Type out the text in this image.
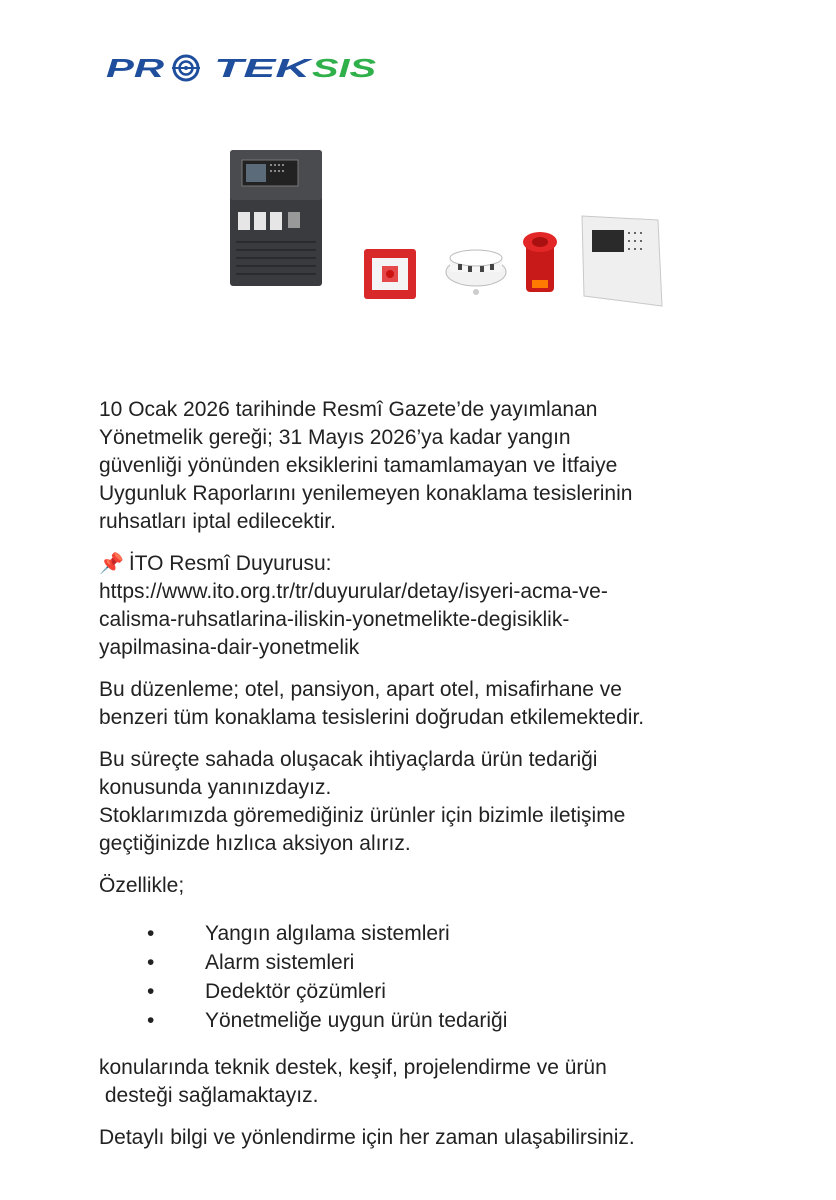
PR TEK
SIS

10 Ocak 2026 tarihinde Resmî Gazete’de yayımlanan
Yönetmelik gereği; 31 Mayıs 2026’ya kadar yangın
güvenliği yönünden eksiklerini tamamlamayan ve İtfaiye
Uygunluk Raporlarını yenilemeyen konaklama tesislerinin
ruhsatları iptal edilecektir.

📌 İTO Resmî Duyurusu:
https://www.ito.org.tr/tr/duyurular/detay/isyeri-acma-ve-
calisma-ruhsatlarina-iliskin-yonetmelikte-degisiklik-
yapilmasina-dair-yonetmelik

Bu düzenleme; otel, pansiyon, apart otel, misafirhane ve
benzeri tüm konaklama tesislerini doğrudan etkilemektedir.

Bu süreçte sahada oluşacak ihtiyaçlarda ürün tedariği
konusunda yanınızdayız.
Stoklarımızda göremediğiniz ürünler için bizimle iletişime
geçtiğinizde hızlıca aksiyon alırız.

Özellikle;

• Yangın algılama sistemleri
• Alarm sistemleri
• Dedektör çözümleri
• Yönetmeliğe uygun ürün tedariği

konularında teknik destek, keşif, projelendirme ve ürün
desteği sağlamaktayız.

Detaylı bilgi ve yönlendirme için her zaman ulaşabilirsiniz.
